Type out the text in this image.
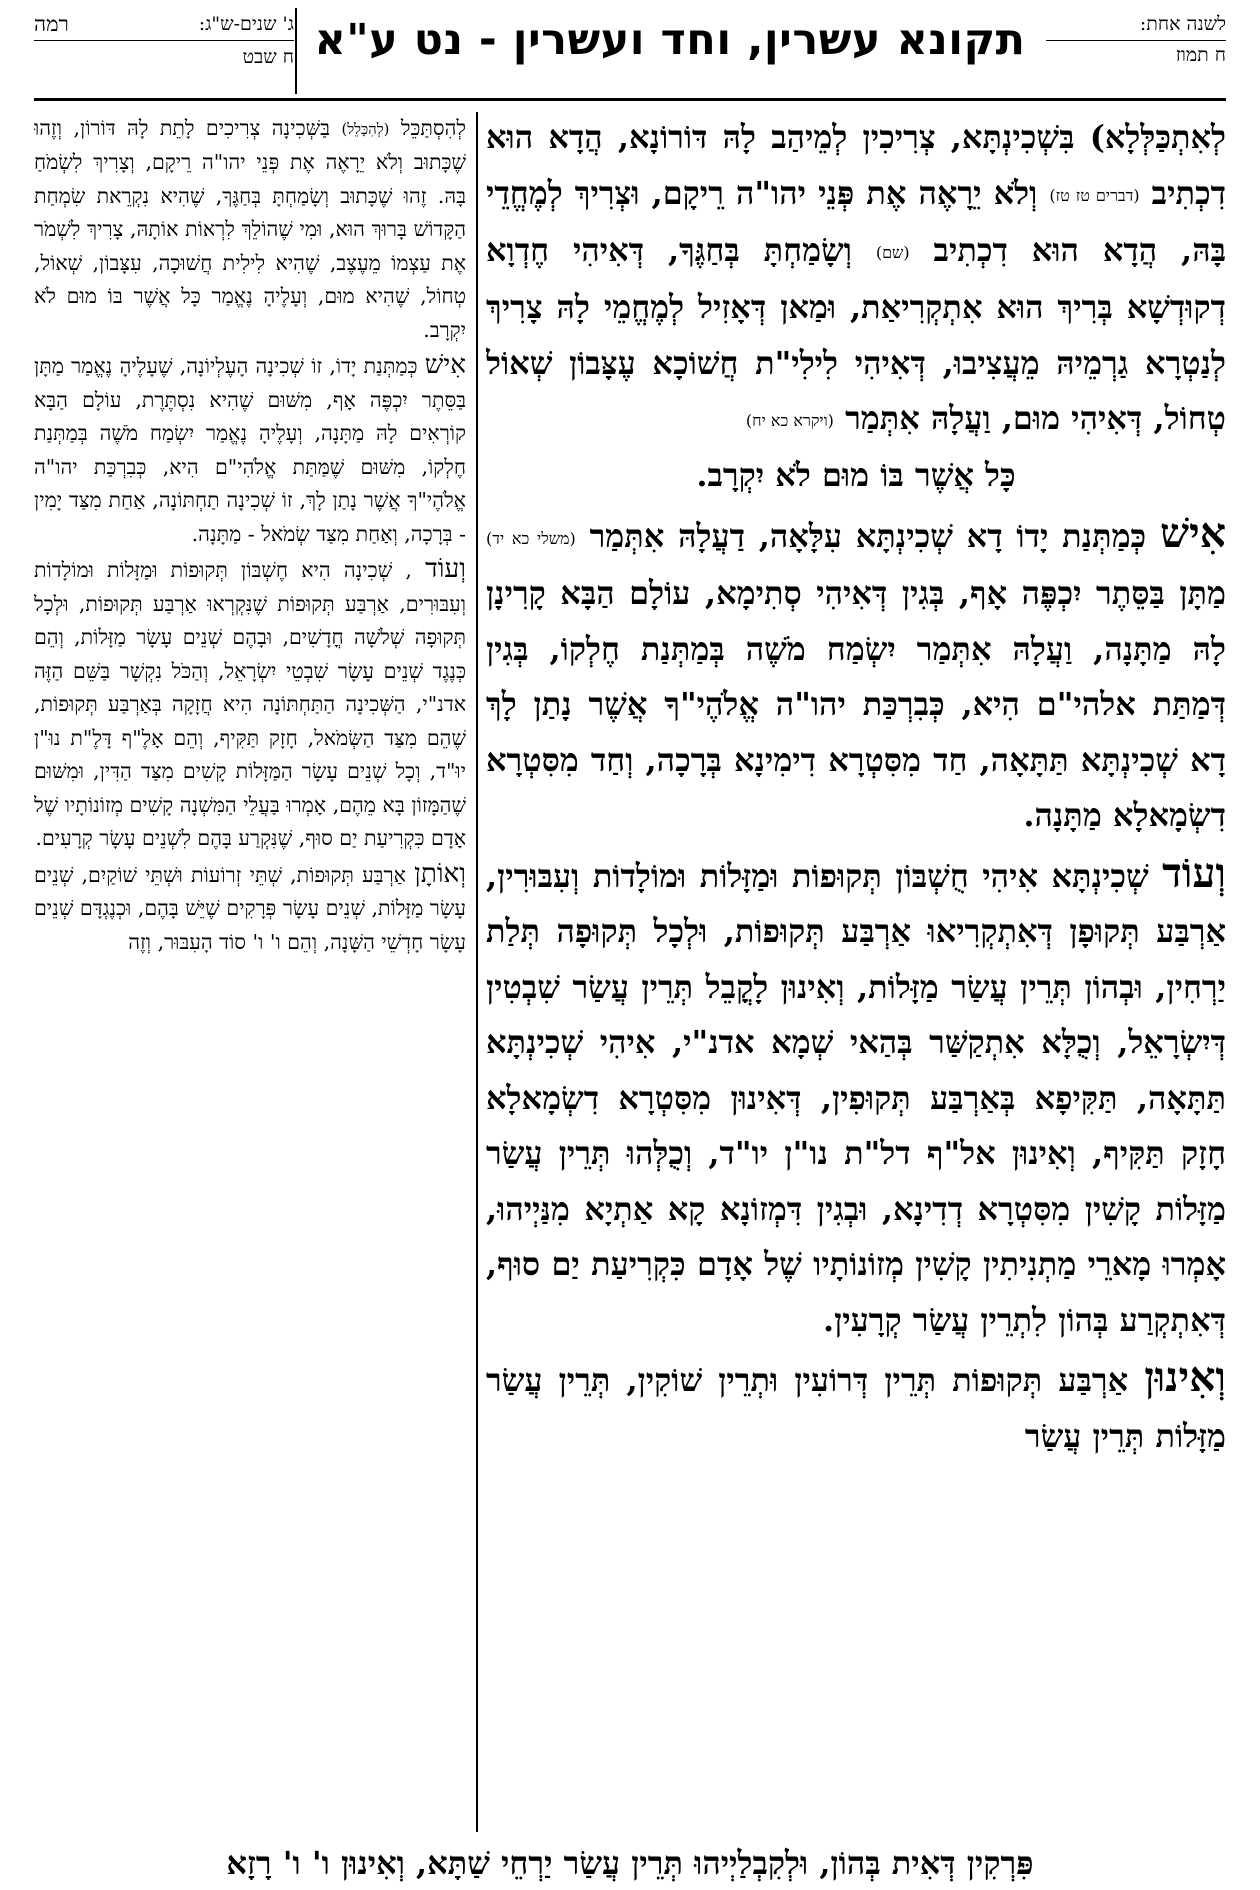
לשנה אחת:
ח תמוז
תקונא עשרין, וחד ועשרין - נט ע"א
ג' שנים-ש"ג:
רמה
ח שבט

לְאִתְכַּלְּלָא) בִּשְׁכִינְתָּא, צְרִיכִין לְמֵיהַב לָהּ דּוֹרוֹנָא, הֲדָא הוּא דִכְתִיב (דברים טז טז) וְלֹא יֵרָאֶה אֶת פְּנֵי יהו"ה רֵיקָם, וּצְרִיךְ לְמֶחֱדֵי בָּהּ, הֲדָא הוּא דִכְתִיב (שם) וְשָׂמַחְתָּ בְּחַגֶּךָ, דְּאִיהִי חֶדְוָא דְקוּדְשָׁא בְּרִיךְ הוּא אִתְקְרִיאַת, וּמַאן דְּאָזִיל לְמֶחֱמֵי לָהּ צָרִיךְ לְנַטְרָא גַרְמֵיהּ מֵעֲצִיבוּ, דְּאִיהִי לִילִי"ת חֲשׁוֹכָא עֶצָּבוֹן שְׁאוֹל טְחוֹל, דְּאִיהִי מוּם, וַעֲלָהּ אִתְּמַר (ויקרא כא יח)
כָּל אֲשֶׁר בּוֹ מוּם לֹא יִקְרָב.

אִישׁ כְּמַתְּנַת יָדוֹ דָא שְׁכִינְתָּא עִלָּאָה, דַעֲלָהּ אִתְּמַר (משלי כא יד) מַתָּן בַּסֵּתֶר יִכְפֶּה אָף, בְּגִין דְּאִיהִי סְתִימָא, עוֹלָם הַבָּא קָרִינָן לָהּ מַתָּנָה, וַעֲלָהּ אִתְּמַר יִשְׂמַח מֹשֶׁה בְּמַתְּנַת חֶלְקוֹ, בְּגִין דְּמַתַּת אלהי"ם הִיא, כְּבִרְכַּת יהו"ה אֱלֹהֶי"ךָ אֲשֶׁר נָתַן לָךְ דָא שְׁכִינְתָּא תַּתָּאָה, חַד מִסִּטְרָא דִימִינָא בְּרָכָה, וְחַד מִסִּטְרָא דִשְׂמָאלָא מַתָּנָה.

וְעוֹד שְׁכִינְתָּא אִיהִי חֻשְׁבּוֹן תְּקוּפוֹת וּמַזָּלוֹת וּמוֹלָדוֹת וְעִבּוּרִין, אַרְבַּע תְּקוּפָן דְּאִתְקְרִיאוּ אַרְבַּע תְּקוּפוֹת, וּלְכָל תְּקוּפָה תְּלַת יַרְחִין, וּבְהוֹן תְּרֵין עֲשַׂר מַזָּלוֹת, וְאִינוּן לָקֳבֵל תְּרֵין עֲשַׂר שִׁבְטִין דְּיִשְׂרָאֵל, וְכֻלָּא אִתְקַשַּׁר בְּהַאי שְׁמָא אדנ"י, אִיהִי שְׁכִינְתָּא תַּתָּאָה, תַּקִּיפָא בְּאַרְבַּע תְּקוּפִין, דְּאִינוּן מִסִּטְרָא דִשְׂמָאלָא חָזָק תַּקִּיף, וְאִינוּן אל"ף דל"ת נו"ן יו"ד, וְכֻלְּהוּ תְּרֵין עֲשַׂר מַזָּלוֹת קָשִׁין מִסִּטְרָא דְדִינָא, וּבְגִין דִּמְזוֹנָא קָא אַתְיָא מִנַּיְיהוּ, אָמְרוּ מָארֵי מַתְנִיתִין קָשִׁין מְזוֹנוֹתָיו שֶׁל אָדָם כִּקְרִיעַת יַם סוּף, דְּאִתְקְרַע בְּהוֹן לִתְרֵין עֲשַׂר קְרָעִין.

וְאִינוּן אַרְבַּע תְּקוּפוֹת תְּרֵין דְּרוֹעִין וּתְרֵין שׁוֹקִין, תְּרֵין עֲשַׂר מַזָּלוֹת תְּרֵין עֲשַׂר

לְהִסְתַּכֵּל (לְהִכָּלֵל) בַּשְּׁכִינָה צְרִיכִים לָתֵת לָהּ דּוֹרוֹן, וְזֶהוּ שֶׁכָּתוּב וְלֹא יֵרָאֶה אֶת פְּנֵי יהו"ה רֵיקָם, וְצָרִיךְ לִשְׂמֹחַ בָּהּ. זֶהוּ שֶׁכָּתוּב וְשָׂמַחְתָּ בְּחַגֶּךָ, שֶׁהִיא נִקְרֵאת שִׂמְחַת הַקָּדוֹשׁ בָּרוּךְ הוּא, וּמִי שֶׁהוֹלֵךְ לִרְאוֹת אוֹתָהּ, צָרִיךְ לִשְׁמֹר אֶת עַצְמוֹ מֵעֶצֶב, שֶׁהִיא לִילִית חֲשׁוּכָה, עִצָּבוֹן, שְׁאוֹל, טְחוֹל, שֶׁהִיא מוּם, וְעָלֶיהָ נֶאֱמַר כָּל אֲשֶׁר בּוֹ מוּם לֹא יִקְרָב.

אִישׁ כְּמַתְּנַת יָדוֹ, זוֹ שְׁכִינָה הָעֶלְיוֹנָה, שֶׁעָלֶיהָ נֶאֱמַר מַתָּן בַּסֵּתֶר יִכְפֶּה אָף, מִשּׁוּם שֶׁהִיא נִסְתֶּרֶת, עוֹלָם הַבָּא קוֹרְאִים לָהּ מַתָּנָה, וְעָלֶיהָ נֶאֱמַר יִשְׂמַח מֹשֶׁה בְּמַתְּנַת חֶלְקוֹ, מִשּׁוּם שֶׁמַּתַּת אֱלֹהִי"ם הִיא, כְּבִרְכַּת יהו"ה אֱלֹהֶי"ךָ אֲשֶׁר נָתַן לָךְ, זוֹ שְׁכִינָה תַחְתּוֹנָה, אַחַת מִצַּד יָמִין - בְּרָכָה, וְאַחַת מִצַּד שְׂמֹאל - מַתָּנָה.

וְעוֹד , שְׁכִינָה הִיא חֶשְׁבּוֹן תְּקוּפוֹת וּמַזָּלוֹת וּמוֹלָדוֹת וְעִבּוּרִים, אַרְבַּע תְּקוּפוֹת שֶׁנִּקְרְאוּ אַרְבַּע תְּקוּפוֹת, וּלְכָל תְּקוּפָה שְׁלֹשָׁה חֳדָשִׁים, וּבָהֶם שְׁנֵים עָשָׂר מַזָּלוֹת, וְהֵם כְּנֶגֶד שְׁנֵים עָשָׂר שִׁבְטֵי יִשְׂרָאֵל, וְהַכֹּל נִקְשָׁר בַּשֵּׁם הַזֶּה אדנ"י, הַשְּׁכִינָה הַתַּחְתּוֹנָה הִיא חֲזָקָה בְּאַרְבַּע תְּקוּפוֹת, שֶׁהֵם מִצַּד הַשְּׂמֹאל, חָזָק תַּקִּיף, וְהֵם אָלֶ"ף דָּלֶ"ת נוּ"ן יוּ"ד, וְכָל שְׁנֵים עָשָׂר הַמַּזָּלוֹת קָשִׁים מִצַּד הַדִּין, וּמִשּׁוּם שֶׁהַמָּזוֹן בָּא מֵהֶם, אָמְרוּ בַּעֲלֵי הַמִּשְׁנָה קָשִׁים מְזוֹנוֹתָיו שֶׁל אָדָם כִּקְרִיעַת יַם סוּף, שֶׁנִּקְרַע בָּהֶם לִשְׁנֵים עָשָׂר קְרָעִים.

וְאוֹתָן אַרְבַּע תְּקוּפוֹת, שְׁתֵּי זְרוֹעוֹת וּשְׁתֵּי שׁוֹקַיִם, שְׁנֵים עָשָׂר מַזָּלוֹת, שְׁנֵים עָשָׂר פְּרָקִים שֶׁיֵּשׁ בָּהֶם, וּכְנֶגְדָּם שְׁנֵים עָשָׂר חָדְשֵׁי הַשָּׁנָה, וְהֵם ו' ו' סוֹד הָעִבּוּר, וְזֶה

פִּרְקִין דְּאִית בְּהוֹן, וּלְקִבְלַיְיהוּ תְּרֵין עֲשַׂר יַרְחֵי שַׁתָּא, וְאִינוּן ו' ו' רָזָא
